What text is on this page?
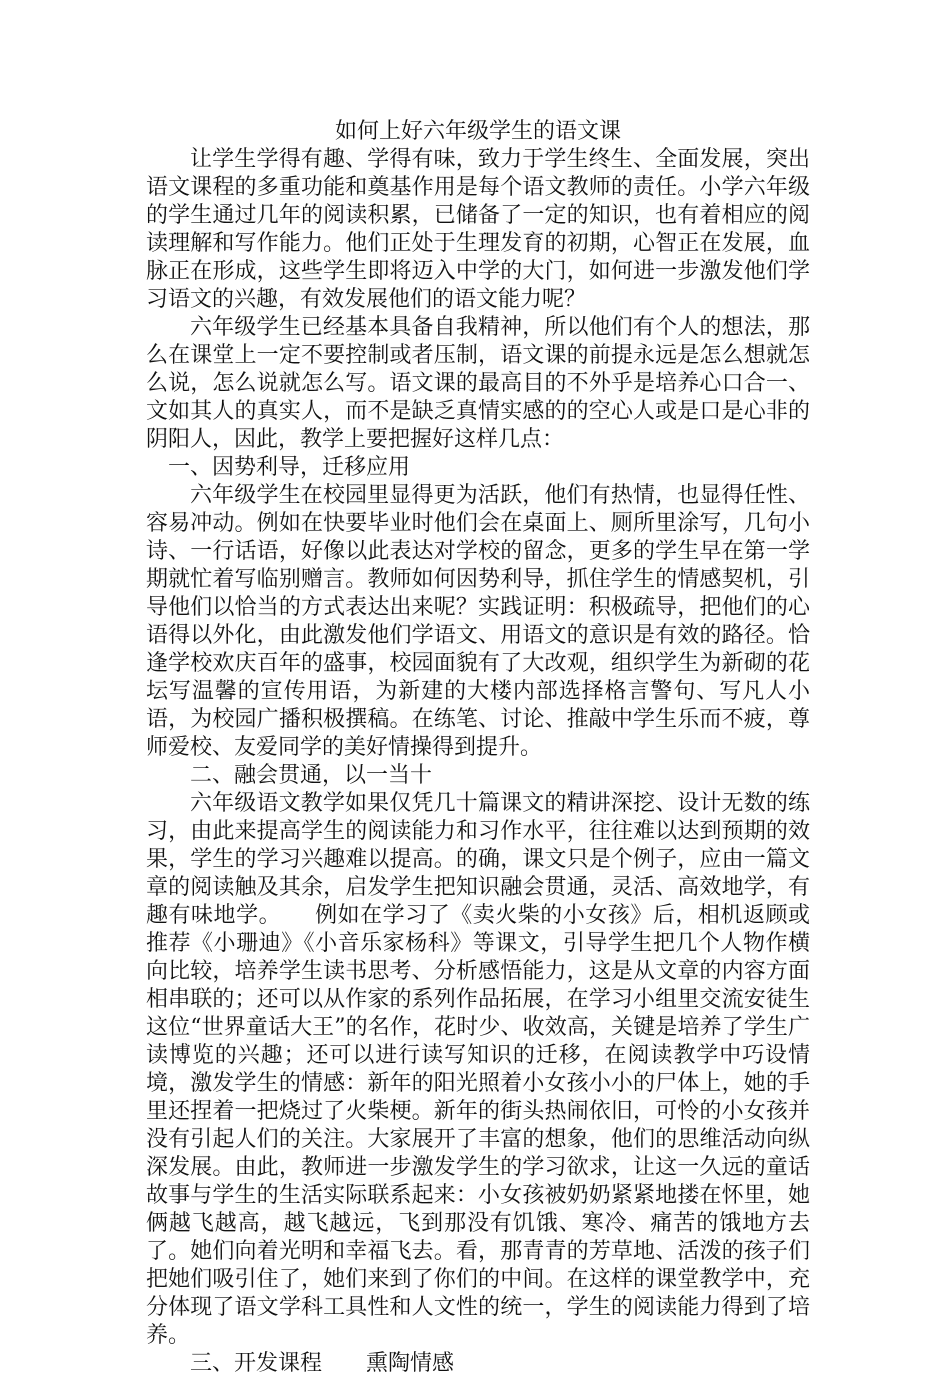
如何上好六年级学生的语文课

让学生学得有趣、学得有味，致力于学生终生、全面发展，突出语文课程的多重功能和奠基作用是每个语文教师的责任。小学六年级的学生通过几年的阅读积累，已储备了一定的知识，也有着相应的阅读理解和写作能力。他们正处于生理发育的初期，心智正在发展，血脉正在形成，这些学生即将迈入中学的大门，如何进一步激发他们学习语文的兴趣，有效发展他们的语文能力呢？

六年级学生已经基本具备自我精神，所以他们有个人的想法，那么在课堂上一定不要控制或者压制，语文课的前提永远是怎么想就怎么说，怎么说就怎么写。语文课的最高目的不外乎是培养心口合一、文如其人的真实人，而不是缺乏真情实感的的空心人或是口是心非的阴阳人，因此，教学上要把握好这样几点：

一、因势利导，迁移应用

六年级学生在校园里显得更为活跃，他们有热情，也显得任性、容易冲动。例如在快要毕业时他们会在桌面上、厕所里涂写，几句小诗、一行话语，好像以此表达对学校的留念，更多的学生早在第一学期就忙着写临别赠言。教师如何因势利导，抓住学生的情感契机，引导他们以恰当的方式表达出来呢？实践证明：积极疏导，把他们的心语得以外化，由此激发他们学语文、用语文的意识是有效的路径。恰逢学校欢庆百年的盛事，校园面貌有了大改观，组织学生为新砌的花坛写温馨的宣传用语，为新建的大楼内部选择格言警句、写凡人小语，为校园广播积极撰稿。在练笔、讨论、推敲中学生乐而不疲，尊师爱校、友爱同学的美好情操得到提升。

二、融会贯通，以一当十

六年级语文教学如果仅凭几十篇课文的精讲深挖、设计无数的练习，由此来提高学生的阅读能力和习作水平，往往难以达到预期的效果，学生的学习兴趣难以提高。的确，课文只是个例子，应由一篇文章的阅读触及其余，启发学生把知识融会贯通，灵活、高效地学，有趣有味地学。　　例如在学习了《卖火柴的小女孩》后，相机返顾或推荐《小珊迪》《小音乐家杨科》等课文，引导学生把几个人物作横向比较，培养学生读书思考、分析感悟能力，这是从文章的内容方面相串联的；还可以从作家的系列作品拓展，在学习小组里交流安徒生这位“世界童话大王”的名作，花时少、收效高，关键是培养了学生广读博览的兴趣；还可以进行读写知识的迁移，在阅读教学中巧设情境，激发学生的情感：新年的阳光照着小女孩小小的尸体上，她的手里还捏着一把烧过了火柴梗。新年的街头热闹依旧，可怜的小女孩并没有引起人们的关注。大家展开了丰富的想象，他们的思维活动向纵深发展。由此，教师进一步激发学生的学习欲求，让这一久远的童话故事与学生的生活实际联系起来：小女孩被奶奶紧紧地搂在怀里，她俩越飞越高，越飞越远，飞到那没有饥饿、寒冷、痛苦的饿地方去了。她们向着光明和幸福飞去。看，那青青的芳草地、活泼的孩子们把她们吸引住了，她们来到了你们的中间。在这样的课堂教学中，充分体现了语文学科工具性和人文性的统一，学生的阅读能力得到了培养。

三、开发课程　　熏陶情感
